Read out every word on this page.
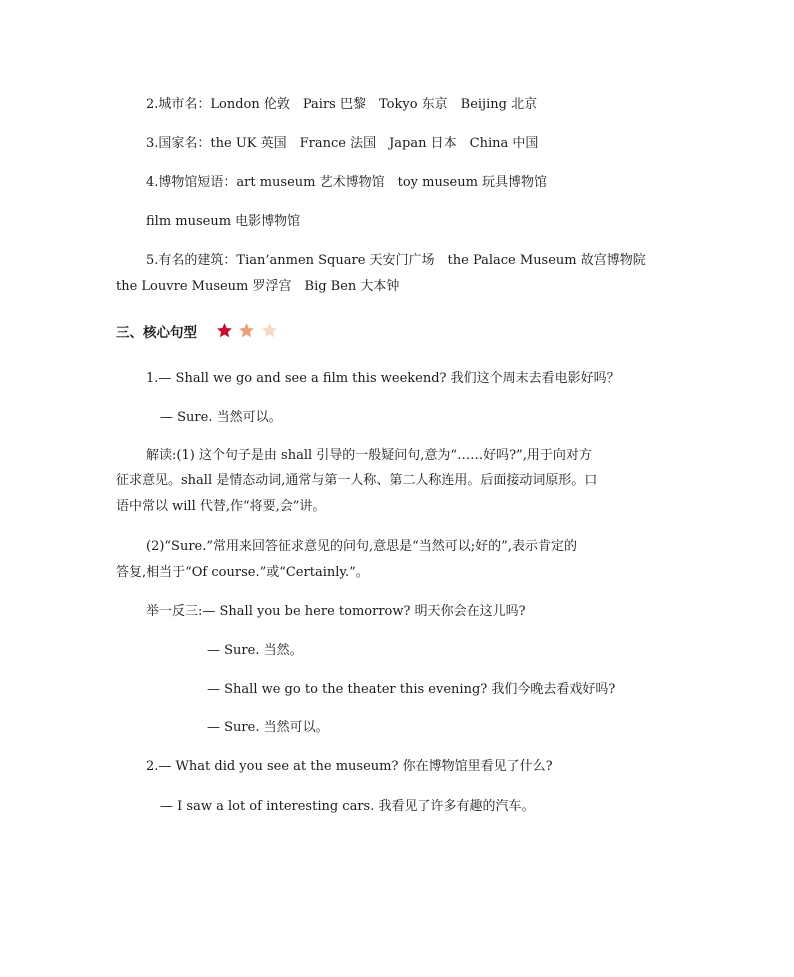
2.城市名：London 伦敦　Pairs 巴黎　Tokyo 东京　Beijing 北京
3.国家名：the UK 英国　France 法国　Japan 日本　China 中国
4.博物馆短语：art museum 艺术博物馆　toy museum 玩具博物馆
film museum 电影博物馆
5.有名的建筑：Tian’anmen Square 天安门广场　the Palace Museum 故宫博物院
the Louvre Museum 罗浮宫　Big Ben 大本钟
三、核心句型
1.— Shall we go and see a film this weekend? 我们这个周末去看电影好吗？
— Sure. 当然可以。
解读:(1) 这个句子是由 shall 引导的一般疑问句,意为“……好吗?”,用于向对方
征求意见。shall 是情态动词,通常与第一人称、第二人称连用。后面接动词原形。口
语中常以 will 代替,作“将要,会”讲。
(2)“Sure.”常用来回答征求意见的问句,意思是“当然可以;好的”,表示肯定的
答复,相当于“Of course.”或“Certainly.”。
举一反三:— Shall you be here tomorrow? 明天你会在这儿吗?
— Sure. 当然。
— Shall we go to the theater this evening? 我们今晚去看戏好吗?
— Sure. 当然可以。
2.— What did you see at the museum? 你在博物馆里看见了什么?
— I saw a lot of interesting cars. 我看见了许多有趣的汽车。
